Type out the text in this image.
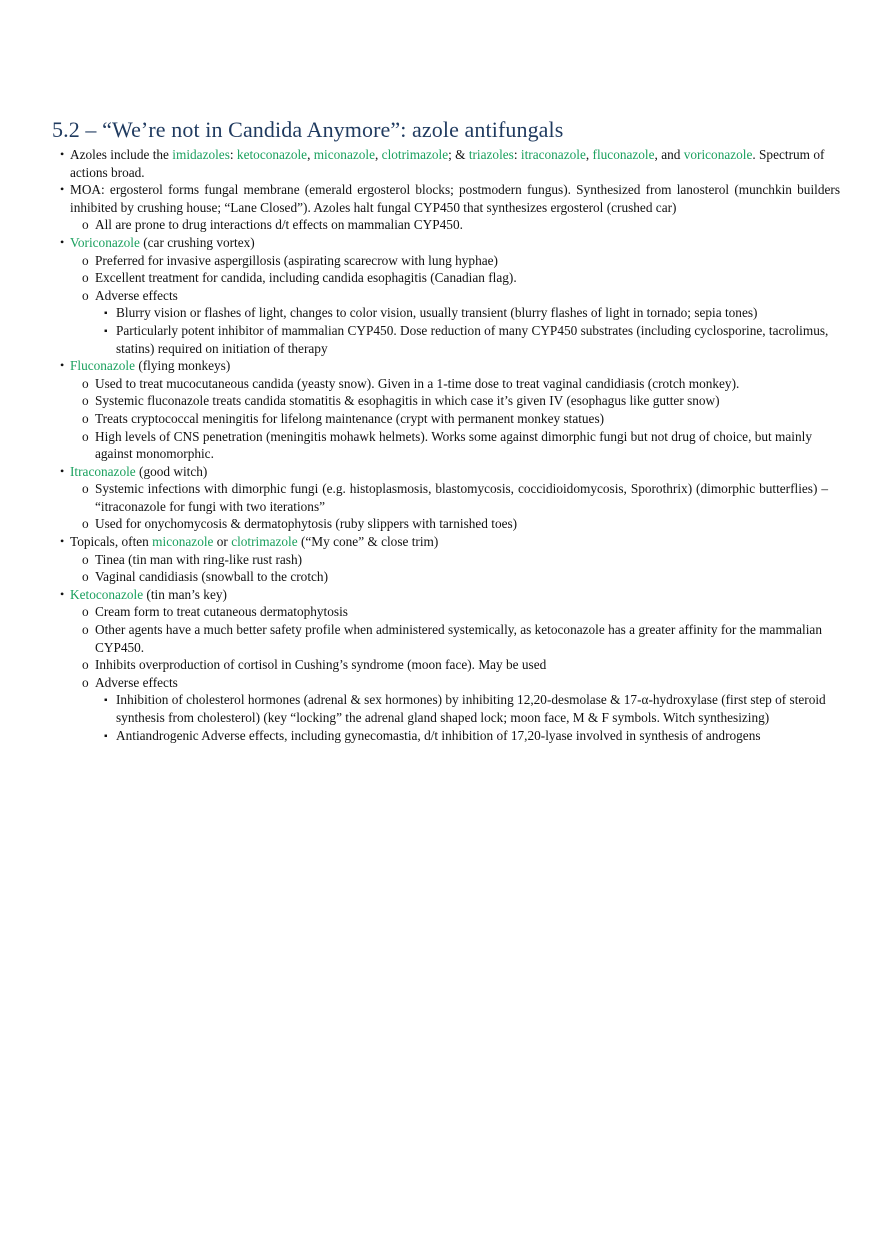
5.2 – “We’re not in Candida Anymore”: azole antifungals
• Azoles include the imidazoles: ketoconazole, miconazole, clotrimazole; & triazoles: itraconazole, fluconazole, and voriconazole. Spectrum of actions broad.
• MOA: ergosterol forms fungal membrane (emerald ergosterol blocks; postmodern fungus). Synthesized from lanosterol (munchkin builders inhibited by crushing house; “Lane Closed”). Azoles halt fungal CYP450 that synthesizes ergosterol (crushed car)
o All are prone to drug interactions d/t effects on mammalian CYP450.
• Voriconazole (car crushing vortex)
o Preferred for invasive aspergillosis (aspirating scarecrow with lung hyphae)
o Excellent treatment for candida, including candida esophagitis (Canadian flag).
o Adverse effects
▪ Blurry vision or flashes of light, changes to color vision, usually transient (blurry flashes of light in tornado; sepia tones)
▪ Particularly potent inhibitor of mammalian CYP450. Dose reduction of many CYP450 substrates (including cyclosporine, tacrolimus, statins) required on initiation of therapy
• Fluconazole (flying monkeys)
o Used to treat mucocutaneous candida (yeasty snow). Given in a 1-time dose to treat vaginal candidiasis (crotch monkey).
o Systemic fluconazole treats candida stomatitis & esophagitis in which case it’s given IV (esophagus like gutter snow)
o Treats cryptococcal meningitis for lifelong maintenance (crypt with permanent monkey statues)
o High levels of CNS penetration (meningitis mohawk helmets). Works some against dimorphic fungi but not drug of choice, but mainly against monomorphic.
• Itraconazole (good witch)
o Systemic infections with dimorphic fungi (e.g. histoplasmosis, blastomycosis, coccidioidomycosis, Sporothrix) (dimorphic butterflies) – “itraconazole for fungi with two iterations”
o Used for onychomycosis & dermatophytosis (ruby slippers with tarnished toes)
• Topicals, often miconazole or clotrimazole (“My cone” & close trim)
o Tinea (tin man with ring-like rust rash)
o Vaginal candidiasis (snowball to the crotch)
• Ketoconazole (tin man’s key)
o Cream form to treat cutaneous dermatophytosis
o Other agents have a much better safety profile when administered systemically, as ketoconazole has a greater affinity for the mammalian CYP450.
o Inhibits overproduction of cortisol in Cushing’s syndrome (moon face). May be used
o Adverse effects
▪ Inhibition of cholesterol hormones (adrenal & sex hormones) by inhibiting 12,20-desmolase & 17-α-hydroxylase (first step of steroid synthesis from cholesterol) (key “locking” the adrenal gland shaped lock; moon face, M & F symbols. Witch synthesizing)
▪ Antiandrogenic Adverse effects, including gynecomastia, d/t inhibition of 17,20-lyase involved in synthesis of androgens
